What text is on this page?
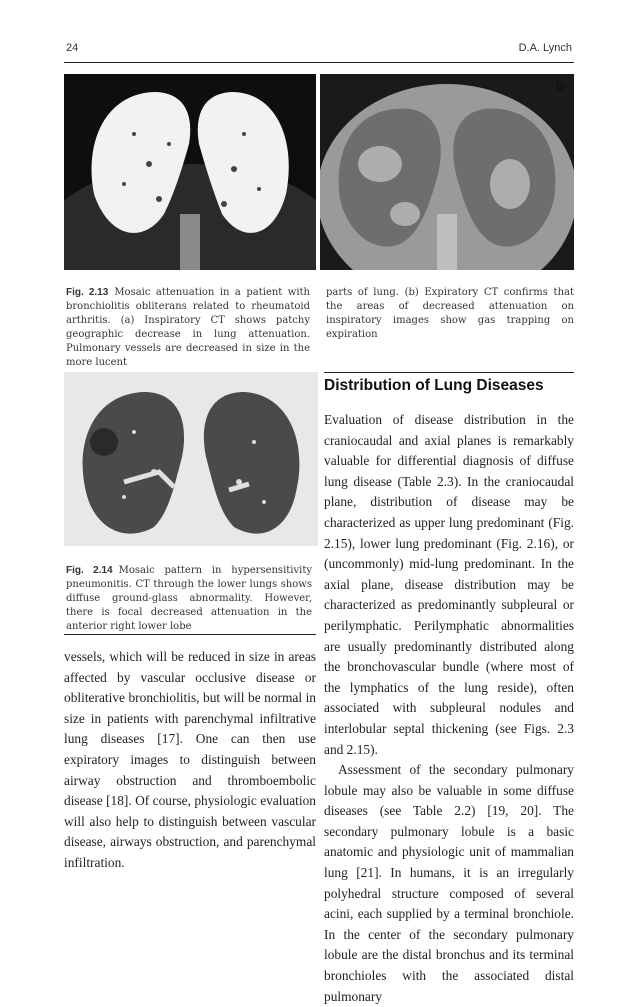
24	D.A. Lynch
a	b
Fig. 2.13 Mosaic attenuation in a patient with bronchiolitis obliterans related to rheumatoid arthritis. (a) Inspiratory CT shows patchy geographic decrease in lung attenuation. Pulmonary vessels are decreased in size in the more lucent
parts of lung. (b) Expiratory CT confirms that the areas of decreased attenuation on inspiratory images show gas trapping on expiration
Fig. 2.14 Mosaic pattern in hypersensitivity pneumonitis. CT through the lower lungs shows diffuse ground-glass abnormality. However, there is focal decreased attenuation in the anterior right lower lobe

vessels, which will be reduced in size in areas affected by vascular occlusive disease or obliterative bronchiolitis, but will be normal in size in patients with parenchymal infiltrative lung diseases [17]. One can then use expiratory images to distinguish between airway obstruction and thromboembolic disease [18]. Of course, physiologic evaluation will also help to distinguish between vascular disease, airways obstruction, and parenchymal infiltration.

Distribution of Lung Diseases

Evaluation of disease distribution in the craniocaudal and axial planes is remarkably valuable for differential diagnosis of diffuse lung disease (Table 2.3). In the craniocaudal plane, distribution of disease may be characterized as upper lung predominant (Fig. 2.15), lower lung predominant (Fig. 2.16), or (uncommonly) mid-lung predominant. In the axial plane, disease distribution may be characterized as predominantly subpleural or perilymphatic. Perilymphatic abnormalities are usually predominantly distributed along the bronchovascular bundle (where most of the lymphatics of the lung reside), often associated with subpleural nodules and interlobular septal thickening (see Figs. 2.3 and 2.15).

Assessment of the secondary pulmonary lobule may also be valuable in some diffuse diseases (see Table 2.2) [19, 20]. The secondary pulmonary lobule is a basic anatomic and physiologic unit of mammalian lung [21]. In humans, it is an irregularly polyhedral structure composed of several acini, each supplied by a terminal bronchiole. In the center of the secondary pulmonary lobule are the distal bronchus and its terminal bronchioles with the associated distal pulmonary
